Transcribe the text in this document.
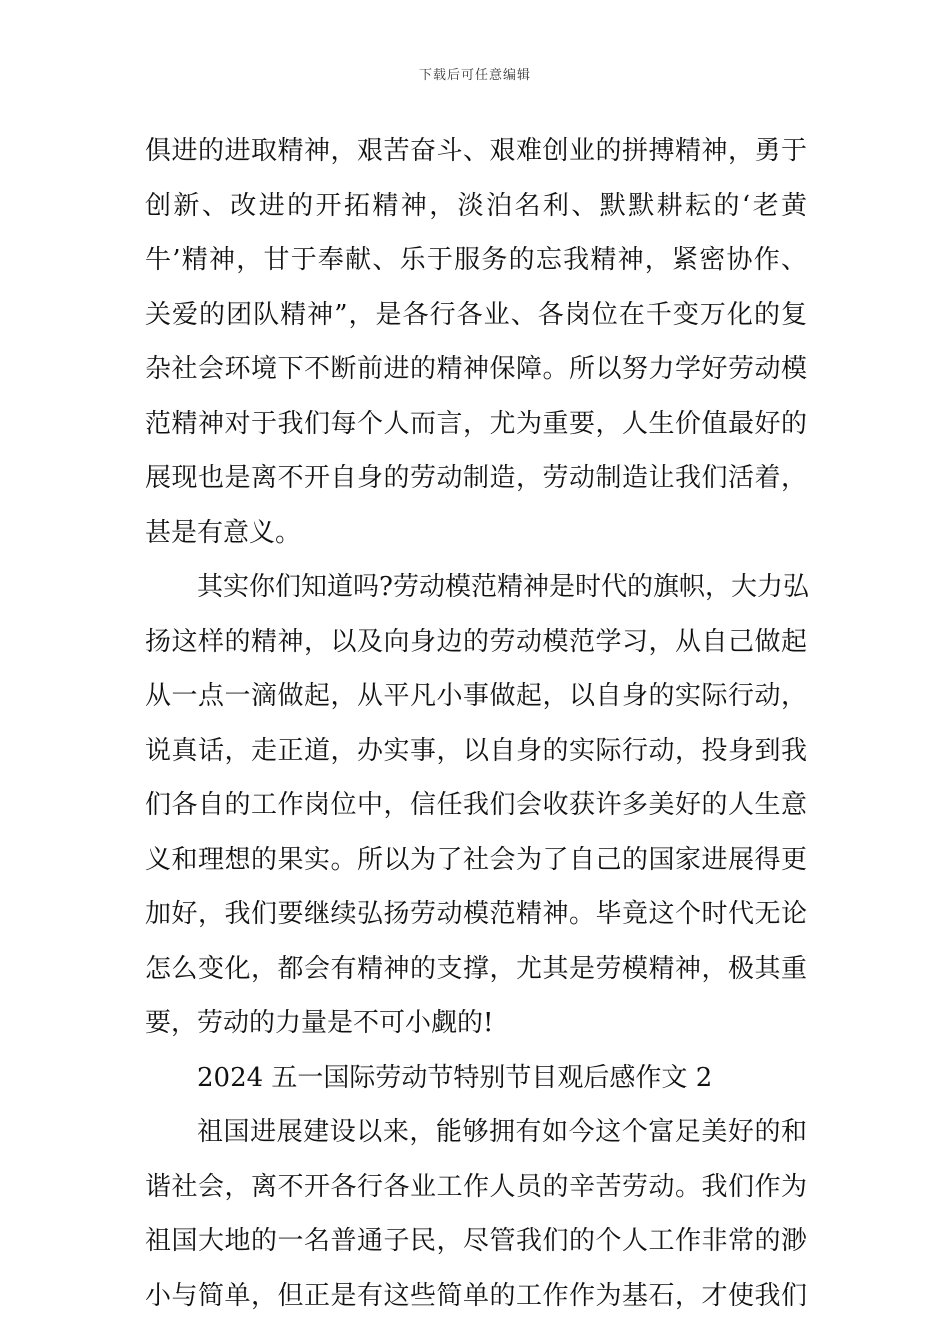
下载后可任意编辑
俱进的进取精神，艰苦奋斗、艰难创业的拼搏精神，勇于
创新、改进的开拓精神，淡泊名利、默默耕耘的‘老黄
牛’精神，甘于奉献、乐于服务的忘我精神，紧密协作、
关爱的团队精神”，是各行各业、各岗位在千变万化的复
杂社会环境下不断前进的精神保障。所以努力学好劳动模
范精神对于我们每个人而言，尤为重要，人生价值最好的
展现也是离不开自身的劳动制造，劳动制造让我们活着，
甚是有意义。
其实你们知道吗?劳动模范精神是时代的旗帜，大力弘
扬这样的精神，以及向身边的劳动模范学习，从自己做起
从一点一滴做起，从平凡小事做起，以自身的实际行动，
说真话，走正道，办实事，以自身的实际行动，投身到我
们各自的工作岗位中，信任我们会收获许多美好的人生意
义和理想的果实。所以为了社会为了自己的国家进展得更
加好，我们要继续弘扬劳动模范精神。毕竟这个时代无论
怎么变化，都会有精神的支撑，尤其是劳模精神，极其重
要，劳动的力量是不可小觑的!
2024 五一国际劳动节特别节目观后感作文 2
祖国进展建设以来，能够拥有如今这个富足美好的和
谐社会，离不开各行各业工作人员的辛苦劳动。我们作为
祖国大地的一名普通子民，尽管我们的个人工作非常的渺
小与简单，但正是有这些简单的工作作为基石，才使我们
